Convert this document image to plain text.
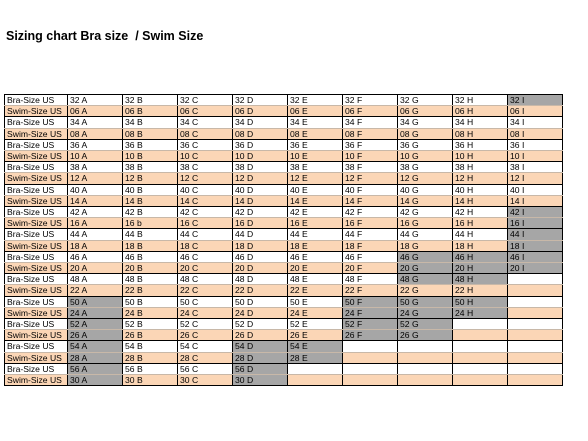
Sizing chart Bra size  / Swim Size
Bra-Size US	32 A	32 B	32 C	32 D	32 E	32 F	32 G	32 H	32 I
Swim-Size US	06 A	06 B	06 C	06 D	06 E	06 F	06 G	06 H	06 I
Bra-Size US	34 A	34 B	34 C	34 D	34 E	34 F	34 G	34 H	34 I
Swim-Size US	08 A	08 B	08 C	08 D	08 E	08 F	08 G	08 H	08 I
Bra-Size US	36 A	36 B	36 C	36 D	36 E	36 F	36 G	36 H	36 I
Swim-Size US	10 A	10 B	10 C	10 D	10 E	10 F	10 G	10 H	10 I
Bra-Size US	38 A	38 B	38 C	38 D	38 E	38 F	38 G	38 H	38 I
Swim-Size US	12 A	12 B	12 C	12 D	12 E	12 F	12 G	12 H	12 I
Bra-Size US	40 A	40 B	40 C	40 D	40 E	40 F	40 G	40 H	40 I
Swim-Size US	14 A	14 B	14 C	14 D	14 E	14 F	14 G	14 H	14 I
Bra-Size US	42 A	42 B	42 C	42 D	42 E	42 F	42 G	42 H	42 I
Swim-Size US	16 A	16 b	16 C	16 D	16 E	16 F	16 G	16 H	16 I
Bra-Size US	44 A	44 B	44 C	44 D	44 E	44 F	44 G	44 H	44 I
Swim-Size US	18 A	18 B	18 C	18 D	18 E	18 F	18 G	18 H	18 I
Bra-Size US	46 A	46 B	46 C	46 D	46 E	46 F	46 G	46 H	46 I
Swim-Size US	20 A	20 B	20 C	20 D	20 E	20 F	20 G	20 H	20 I
Bra-Size US	48 A	48 B	48 C	48 D	48 E	48 F	48 G	48 H	
Swim-Size US	22 A	22 B	22 C	22 D	22 E	22 F	22 G	22 H	
Bra-Size US	50 A	50 B	50 C	50 D	50 E	50 F	50 G	50 H	
Swim-Size US	24 A	24 B	24 C	24 D	24 E	24 F	24 G	24 H	
Bra-Size US	52 A	52 B	52 C	52 D	52 E	52 F	52 G		
Swim-Size US	26 A	26 B	26 C	26 D	26 E	26 F	26 G		
Bra-Size US	54 A	54 B	54 C	54 D	54 E				
Swim-Size US	28 A	28 B	28 C	28 D	28 E				
Bra-Size US	56 A	56 B	56 C	56 D					
Swim-Size US	30 A	30 B	30 C	30 D					
